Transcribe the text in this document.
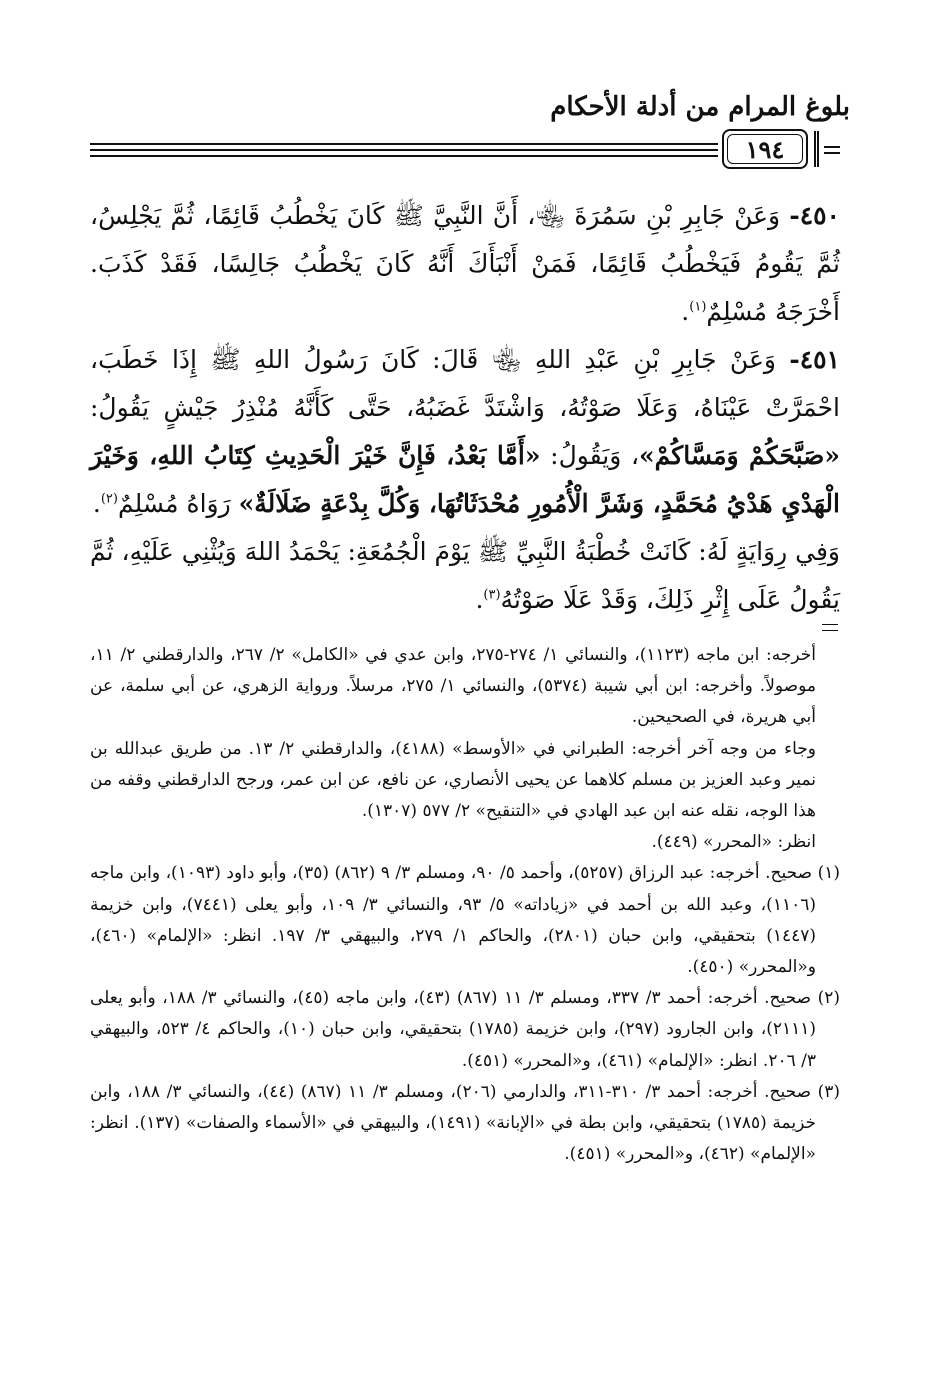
بلوغ المرام من أدلة الأحكام
١٩٤

٤٥٠- وَعَنْ جَابِرِ بْنِ سَمُرَةَ ﵄، أَنَّ النَّبِيَّ ﷺ كَانَ يَخْطُبُ قَائِمًا، ثُمَّ يَجْلِسُ، ثُمَّ يَقُومُ فَيَخْطُبُ قَائِمًا، فَمَنْ أَنْبَأَكَ أَنَّهُ كَانَ يَخْطُبُ جَالِسًا، فَقَدْ كَذَبَ. أَخْرَجَهُ مُسْلِمٌ$^{(١)}$.

٤٥١- وَعَنْ جَابِرِ بْنِ عَبْدِ اللهِ ﵄ قَالَ: كَانَ رَسُولُ اللهِ ﷺ إِذَا خَطَبَ، احْمَرَّتْ عَيْنَاهُ، وَعَلَا صَوْتُهُ، وَاشْتَدَّ غَضَبُهُ، حَتَّى كَأَنَّهُ مُنْذِرُ جَيْشٍ يَقُولُ: «صَبَّحَكُمْ وَمَسَّاكُمْ»، وَيَقُولُ: «أَمَّا بَعْدُ، فَإِنَّ خَيْرَ الْحَدِيثِ كِتَابُ اللهِ، وَخَيْرَ الْهَدْيِ هَدْيُ مُحَمَّدٍ، وَشَرَّ الْأُمُورِ مُحْدَثَاتُهَا، وَكُلَّ بِدْعَةٍ ضَلَالَةٌ» رَوَاهُ مُسْلِمٌ$^{(٢)}$.

وَفِي رِوَايَةٍ لَهُ: كَانَتْ خُطْبَةُ النَّبِيِّ ﷺ يَوْمَ الْجُمُعَةِ: يَحْمَدُ اللهَ وَيُثْنِي عَلَيْهِ، ثُمَّ يَقُولُ عَلَى إِثْرِ ذَلِكَ، وَقَدْ عَلَا صَوْتُهُ$^{(٣)}$.

أخرجه: ابن ماجه (١١٢٣)، والنسائي ١/ ٢٧٤-٢٧٥، وابن عدي في «الكامل» ٢/ ٢٦٧، والدارقطني ٢/ ١١، موصولاً. وأخرجه: ابن أبي شيبة (٥٣٧٤)، والنسائي ١/ ٢٧٥، مرسلاً. ورواية الزهري، عن أبي سلمة، عن أبي هريرة، في الصحيحين.

وجاء من وجه آخر أخرجه: الطبراني في «الأوسط» (٤١٨٨)، والدارقطني ٢/ ١٣. من طريق عبدالله بن نمير وعبد العزيز بن مسلم كلاهما عن يحيى الأنصاري، عن نافع، عن ابن عمر، ورجح الدارقطني وقفه من هذا الوجه، نقله عنه ابن عبد الهادي في «التنقيح» ٢/ ٥٧٧ (١٣٠٧).

انظر: «المحرر» (٤٤٩).

(١) صحيح. أخرجه: عبد الرزاق (٥٢٥٧)، وأحمد ٥/ ٩٠، ومسلم ٣/ ٩ (٨٦٢) (٣٥)، وأبو داود (١٠٩٣)، وابن ماجه (١١٠٦)، وعبد الله بن أحمد في «زياداته» ٥/ ٩٣، والنسائي ٣/ ١٠٩، وأبو يعلى (٧٤٤١)، وابن خزيمة (١٤٤٧) بتحقيقي، وابن حبان (٢٨٠١)، والحاكم ١/ ٢٧٩، والبيهقي ٣/ ١٩٧. انظر: «الإلمام» (٤٦٠)، و«المحرر» (٤٥٠).

(٢) صحيح. أخرجه: أحمد ٣/ ٣٣٧، ومسلم ٣/ ١١ (٨٦٧) (٤٣)، وابن ماجه (٤٥)، والنسائي ٣/ ١٨٨، وأبو يعلى (٢١١١)، وابن الجارود (٢٩٧)، وابن خزيمة (١٧٨٥) بتحقيقي، وابن حبان (١٠)، والحاكم ٤/ ٥٢٣، والبيهقي ٣/ ٢٠٦. انظر: «الإلمام» (٤٦١)، و«المحرر» (٤٥١).

(٣) صحيح. أخرجه: أحمد ٣/ ٣١٠-٣١١، والدارمي (٢٠٦)، ومسلم ٣/ ١١ (٨٦٧) (٤٤)، والنسائي ٣/ ١٨٨، وابن خزيمة (١٧٨٥) بتحقيقي، وابن بطة في «الإبانة» (١٤٩١)، والبيهقي في «الأسماء والصفات» (١٣٧). انظر: «الإلمام» (٤٦٢)، و«المحرر» (٤٥١).
